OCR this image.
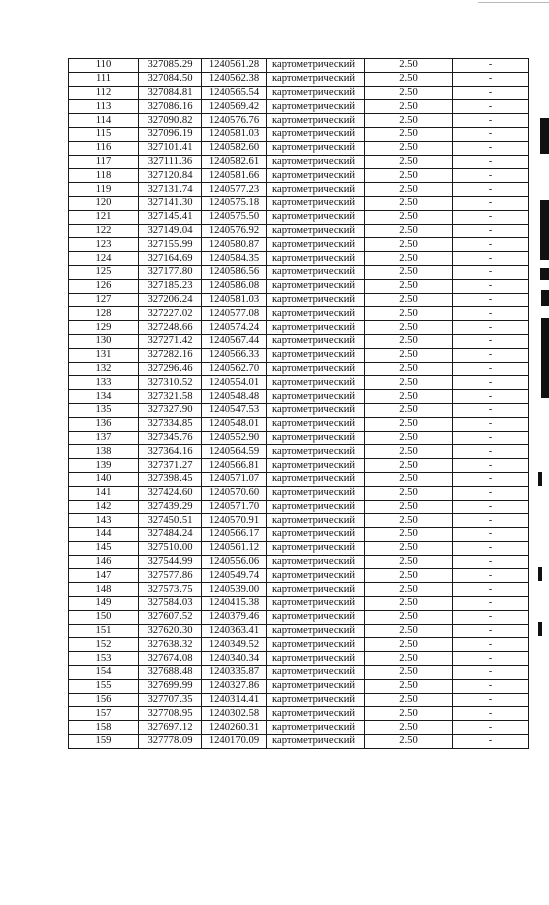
110	327085.29	1240561.28	картометрический	2.50	-
111	327084.50	1240562.38	картометрический	2.50	-
112	327084.81	1240565.54	картометрический	2.50	-
113	327086.16	1240569.42	картометрический	2.50	-
114	327090.82	1240576.76	картометрический	2.50	-
115	327096.19	1240581.03	картометрический	2.50	-
116	327101.41	1240582.60	картометрический	2.50	-
117	327111.36	1240582.61	картометрический	2.50	-
118	327120.84	1240581.66	картометрический	2.50	-
119	327131.74	1240577.23	картометрический	2.50	-
120	327141.30	1240575.18	картометрический	2.50	-
121	327145.41	1240575.50	картометрический	2.50	-
122	327149.04	1240576.92	картометрический	2.50	-
123	327155.99	1240580.87	картометрический	2.50	-
124	327164.69	1240584.35	картометрический	2.50	-
125	327177.80	1240586.56	картометрический	2.50	-
126	327185.23	1240586.08	картометрический	2.50	-
127	327206.24	1240581.03	картометрический	2.50	-
128	327227.02	1240577.08	картометрический	2.50	-
129	327248.66	1240574.24	картометрический	2.50	-
130	327271.42	1240567.44	картометрический	2.50	-
131	327282.16	1240566.33	картометрический	2.50	-
132	327296.46	1240562.70	картометрический	2.50	-
133	327310.52	1240554.01	картометрический	2.50	-
134	327321.58	1240548.48	картометрический	2.50	-
135	327327.90	1240547.53	картометрический	2.50	-
136	327334.85	1240548.01	картометрический	2.50	-
137	327345.76	1240552.90	картометрический	2.50	-
138	327364.16	1240564.59	картометрический	2.50	-
139	327371.27	1240566.81	картометрический	2.50	-
140	327398.45	1240571.07	картометрический	2.50	-
141	327424.60	1240570.60	картометрический	2.50	-
142	327439.29	1240571.70	картометрический	2.50	-
143	327450.51	1240570.91	картометрический	2.50	-
144	327484.24	1240566.17	картометрический	2.50	-
145	327510.00	1240561.12	картометрический	2.50	-
146	327544.99	1240556.06	картометрический	2.50	-
147	327577.86	1240549.74	картометрический	2.50	-
148	327573.75	1240539.00	картометрический	2.50	-
149	327584.03	1240415.38	картометрический	2.50	-
150	327607.52	1240379.46	картометрический	2.50	-
151	327620.30	1240363.41	картометрический	2.50	-
152	327638.32	1240349.52	картометрический	2.50	-
153	327674.08	1240340.34	картометрический	2.50	-
154	327688.48	1240335.87	картометрический	2.50	-
155	327699.99	1240327.86	картометрический	2.50	-
156	327707.35	1240314.41	картометрический	2.50	-
157	327708.95	1240302.58	картометрический	2.50	-
158	327697.12	1240260.31	картометрический	2.50	-
159	327778.09	1240170.09	картометрический	2.50	-
